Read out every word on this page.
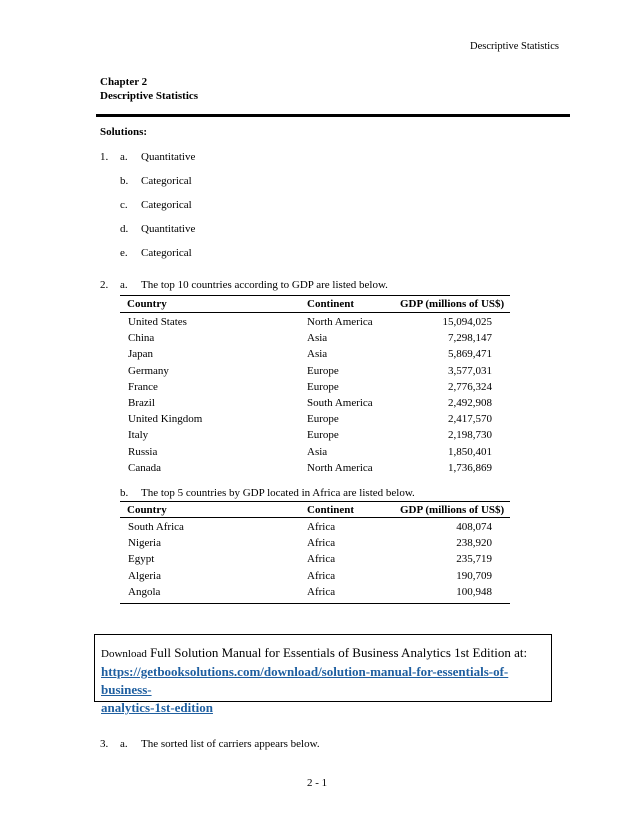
Descriptive Statistics
Chapter 2
Descriptive Statistics
Solutions:
1. a. Quantitative
b. Categorical
c. Categorical
d. Quantitative
e. Categorical
2. a. The top 10 countries according to GDP are listed below.
Country	Continent	GDP (millions of US$)
United States	North America	15,094,025
China	Asia	7,298,147
Japan	Asia	5,869,471
Germany	Europe	3,577,031
France	Europe	2,776,324
Brazil	South America	2,492,908
United Kingdom	Europe	2,417,570
Italy	Europe	2,198,730
Russia	Asia	1,850,401
Canada	North America	1,736,869
b. The top 5 countries by GDP located in Africa are listed below.
Country	Continent	GDP (millions of US$)
South Africa	Africa	408,074
Nigeria	Africa	238,920
Egypt	Africa	235,719
Algeria	Africa	190,709
Angola	Africa	100,948
Download Full Solution Manual for Essentials of Business Analytics 1st Edition at:
https://getbooksolutions.com/download/solution-manual-for-essentials-of-business-
analytics-1st-edition
3. a. The sorted list of carriers appears below.
2 - 1
